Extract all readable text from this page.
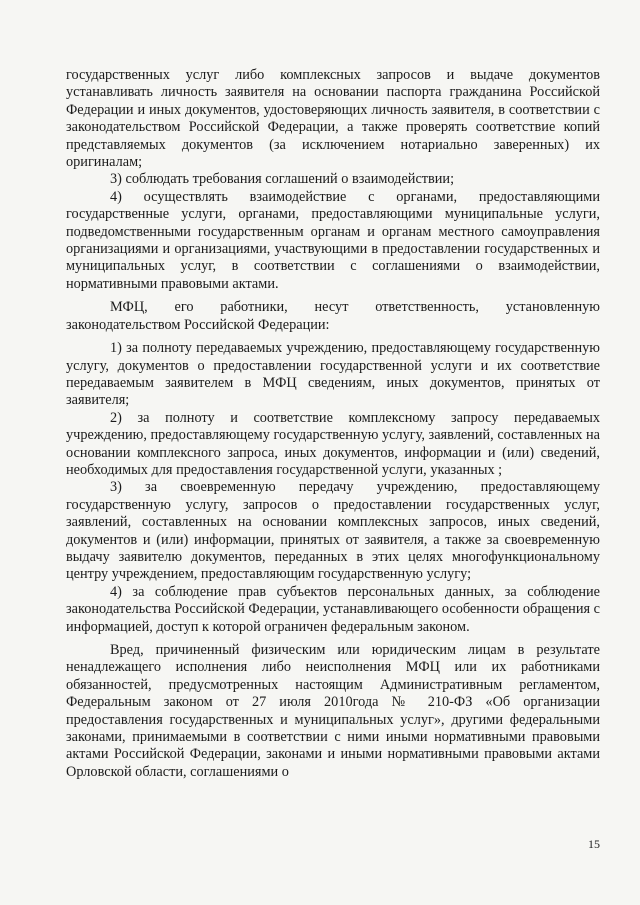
государственных услуг либо комплексных запросов и выдаче документов устанавливать личность заявителя на основании паспорта гражданина Российской Федерации и иных документов, удостоверяющих личность заявителя, в соответствии с законодательством Российской Федерации, а также проверять соответствие копий представляемых документов (за исключением нотариально заверенных) их оригиналам;

3) соблюдать требования соглашений о взаимодействии;

4) осуществлять взаимодействие с органами, предоставляющими государственные услуги, органами, предоставляющими муниципальные услуги, подведомственными государственным органам и органам местного самоуправления организациями и организациями, участвующими в предоставлении государственных и муниципальных услуг, в соответствии с соглашениями о взаимодействии, нормативными правовыми актами.

МФЦ, его работники, несут ответственность, установленную законодательством Российской Федерации:

1) за полноту передаваемых учреждению, предоставляющему государственную услугу, документов о предоставлении государственной услуги и их соответствие передаваемым заявителем в МФЦ сведениям, иных документов, принятых от заявителя;

2) за полноту и соответствие комплексному запросу передаваемых учреждению, предоставляющему государственную услугу, заявлений, составленных на основании комплексного запроса, иных документов, информации и (или) сведений, необходимых для предоставления государственной услуги, указанных ;

3) за своевременную передачу учреждению, предоставляющему государственную услугу, запросов о предоставлении государственных услуг, заявлений, составленных на основании комплексных запросов, иных сведений, документов и (или) информации, принятых от заявителя, а также за своевременную выдачу заявителю документов, переданных в этих целях многофункциональному центру учреждением, предоставляющим государственную услугу;

4) за соблюдение прав субъектов персональных данных, за соблюдение законодательства Российской Федерации, устанавливающего особенности обращения с информацией, доступ к которой ограничен федеральным законом.

Вред, причиненный физическим или юридическим лицам в результате ненадлежащего исполнения либо неисполнения МФЦ или их работниками обязанностей, предусмотренных настоящим Административным регламентом, Федеральным законом от 27 июля 2010года № 210-ФЗ «Об организации предоставления государственных и муниципальных услуг», другими федеральными законами, принимаемыми в соответствии с ними иными нормативными правовыми актами Российской Федерации, законами и иными нормативными правовыми актами Орловской области, соглашениями о

15
